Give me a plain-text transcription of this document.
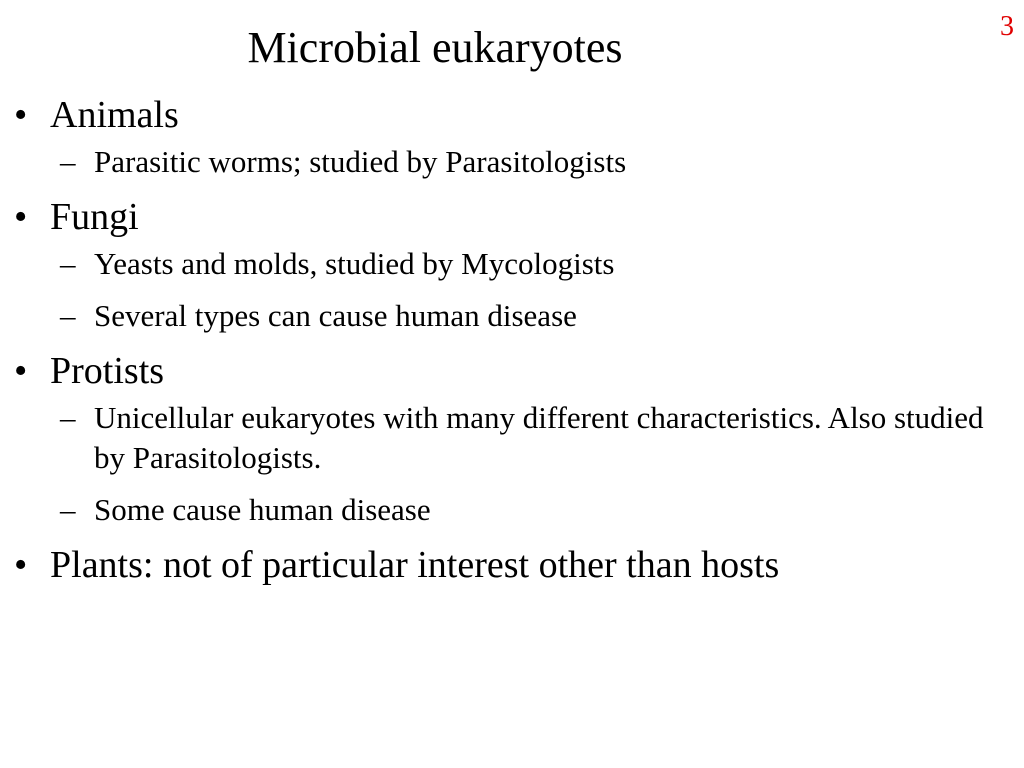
Microbial eukaryotes	3
• Animals
– Parasitic worms; studied by Parasitologists
• Fungi
– Yeasts and molds, studied by Mycologists
– Several types can cause human disease
• Protists
– Unicellular eukaryotes with many different characteristics. Also studied by Parasitologists.
– Some cause human disease
• Plants: not of particular interest other than hosts
